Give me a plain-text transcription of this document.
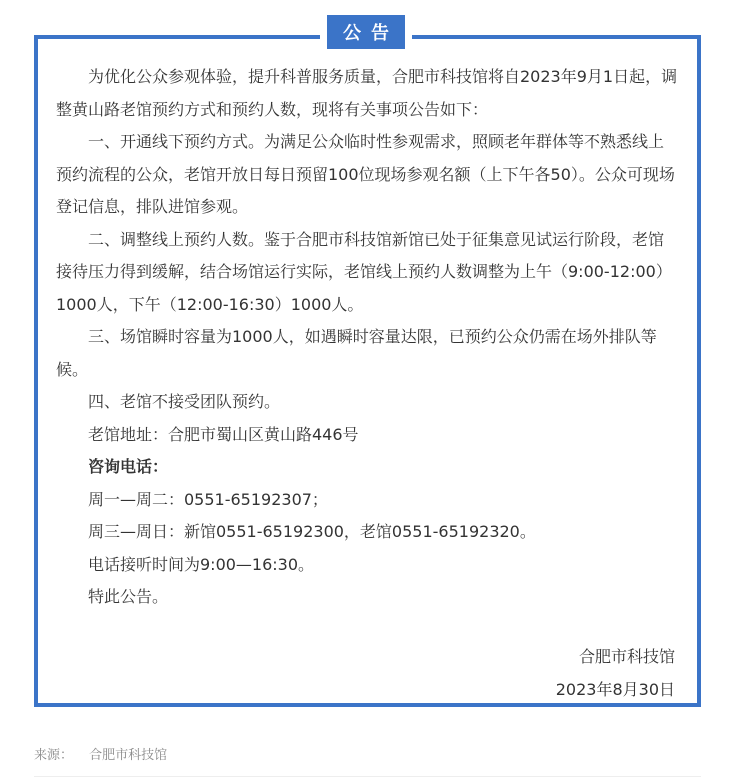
为优化公众参观体验，提升科普服务质量，合肥市科技馆将自2023年9月1日起，调整黄山路老馆预约方式和预约人数，现将有关事项公告如下：

一、开通线下预约方式。为满足公众临时性参观需求，照顾老年群体等不熟悉线上预约流程的公众，老馆开放日每日预留100位现场参观名额（上下午各50）。公众可现场登记信息，排队进馆参观。

二、调整线上预约人数。鉴于合肥市科技馆新馆已处于征集意见试运行阶段，老馆接待压力得到缓解，结合场馆运行实际，老馆线上预约人数调整为上午（9:00-12:00）1000人，下午（12:00-16:30）1000人。

三、场馆瞬时容量为1000人，如遇瞬时容量达限，已预约公众仍需在场外排队等候。

四、老馆不接受团队预约。

老馆地址：合肥市蜀山区黄山路446号

咨询电话：

周一—周二：0551-65192307；

周三—周日：新馆0551-65192300，老馆0551-65192320。

电话接听时间为9:00—16:30。

特此公告。

合肥市科技馆
2023年8月30日
公告
来源： 合肥市科技馆
